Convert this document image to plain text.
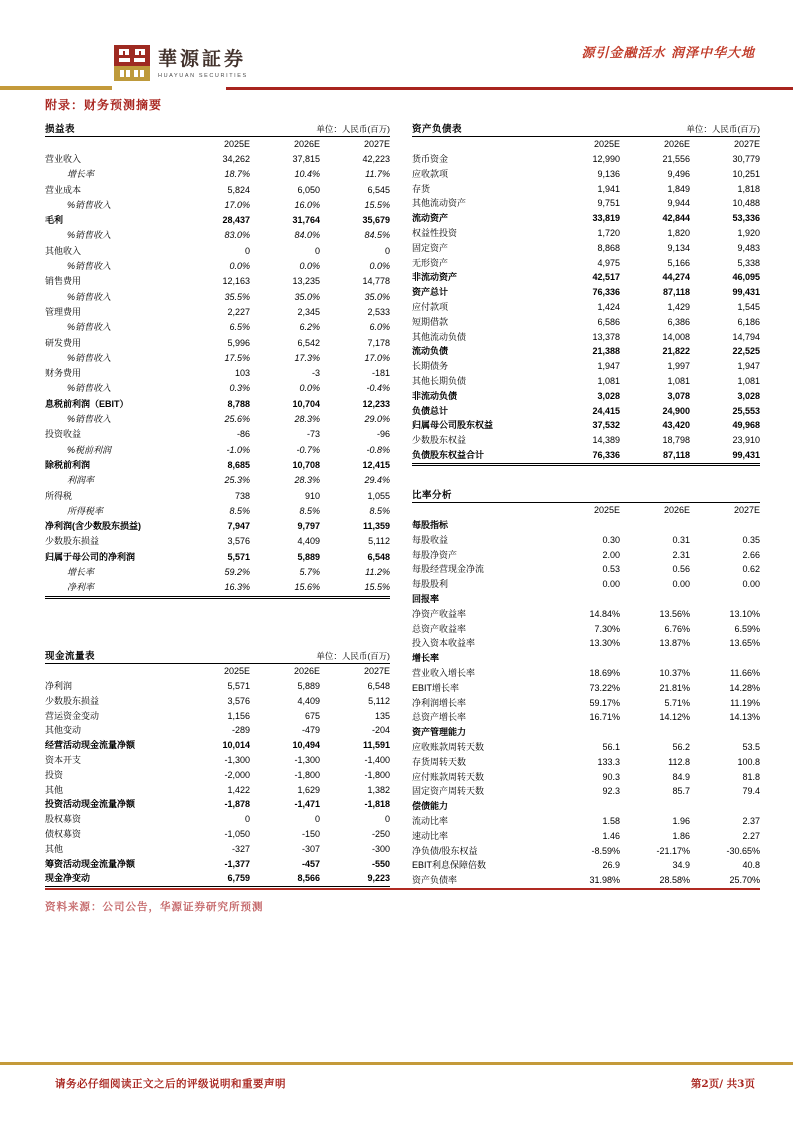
華源証券
HUAYUAN SECURITIES
源引金融活水 润泽中华大地
附录：财务预测摘要
损益表	单位：人民币(百万)
2025E	2026E	2027E
营业收入	34,262	37,815	42,223
增长率	18.7%	10.4%	11.7%
营业成本	5,824	6,050	6,545
%销售收入	17.0%	16.0%	15.5%
毛利	28,437	31,764	35,679
%销售收入	83.0%	84.0%	84.5%
其他收入	0	0	0
%销售收入	0.0%	0.0%	0.0%
销售费用	12,163	13,235	14,778
%销售收入	35.5%	35.0%	35.0%
管理费用	2,227	2,345	2,533
%销售收入	6.5%	6.2%	6.0%
研发费用	5,996	6,542	7,178
%销售收入	17.5%	17.3%	17.0%
财务费用	103	-3	-181
%销售收入	0.3%	0.0%	-0.4%
息税前利润（EBIT）	8,788	10,704	12,233
%销售收入	25.6%	28.3%	29.0%
投资收益	-86	-73	-96
%税前利润	-1.0%	-0.7%	-0.8%
除税前利润	8,685	10,708	12,415
利润率	25.3%	28.3%	29.4%
所得税	738	910	1,055
所得税率	8.5%	8.5%	8.5%
净利润(含少数股东损益)	7,947	9,797	11,359
少数股东损益	3,576	4,409	5,112
归属于母公司的净利润	5,571	5,889	6,548
增长率	59.2%	5.7%	11.2%
净利率	16.3%	15.6%	15.5%
资产负债表	单位：人民币(百万)
2025E	2026E	2027E
货币资金	12,990	21,556	30,779
应收款项	9,136	9,496	10,251
存货	1,941	1,849	1,818
其他流动资产	9,751	9,944	10,488
流动资产	33,819	42,844	53,336
权益性投资	1,720	1,820	1,920
固定资产	8,868	9,134	9,483
无形资产	4,975	5,166	5,338
非流动资产	42,517	44,274	46,095
资产总计	76,336	87,118	99,431
应付款项	1,424	1,429	1,545
短期借款	6,586	6,386	6,186
其他流动负债	13,378	14,008	14,794
流动负债	21,388	21,822	22,525
长期债务	1,947	1,997	1,947
其他长期负债	1,081	1,081	1,081
非流动负债	3,028	3,078	3,028
负债总计	24,415	24,900	25,553
归属母公司股东权益	37,532	43,420	49,968
少数股东权益	14,389	18,798	23,910
负债股东权益合计	76,336	87,118	99,431
比率分析
2025E	2026E	2027E
每股指标
每股收益	0.30	0.31	0.35
每股净资产	2.00	2.31	2.66
每股经营现金净流	0.53	0.56	0.62
每股股利	0.00	0.00	0.00
回报率
净资产收益率	14.84%	13.56%	13.10%
总资产收益率	7.30%	6.76%	6.59%
投入资本收益率	13.30%	13.87%	13.65%
增长率
营业收入增长率	18.69%	10.37%	11.66%
EBIT增长率	73.22%	21.81%	14.28%
净利润增长率	59.17%	5.71%	11.19%
总资产增长率	16.71%	14.12%	14.13%
资产管理能力
应收账款周转天数	56.1	56.2	53.5
存货周转天数	133.3	112.8	100.8
应付账款周转天数	90.3	84.9	81.8
固定资产周转天数	92.3	85.7	79.4
偿债能力
流动比率	1.58	1.96	2.37
速动比率	1.46	1.86	2.27
净负债/股东权益	-8.59%	-21.17%	-30.65%
EBIT利息保障倍数	26.9	34.9	40.8
资产负债率	31.98%	28.58%	25.70%
现金流量表	单位：人民币(百万)
2025E	2026E	2027E
净利润	5,571	5,889	6,548
少数股东损益	3,576	4,409	5,112
营运资金变动	1,156	675	135
其他变动	-289	-479	-204
经营活动现金流量净额	10,014	10,494	11,591
资本开支	-1,300	-1,300	-1,400
投资	-2,000	-1,800	-1,800
其他	1,422	1,629	1,382
投资活动现金流量净额	-1,878	-1,471	-1,818
股权募资	0	0	0
债权募资	-1,050	-150	-250
其他	-327	-307	-300
筹资活动现金流量净额	-1,377	-457	-550
现金净变动	6,759	8,566	9,223
资料来源：公司公告，华源证券研究所预测
请务必仔细阅读正文之后的评级说明和重要声明	第2页/ 共3页
